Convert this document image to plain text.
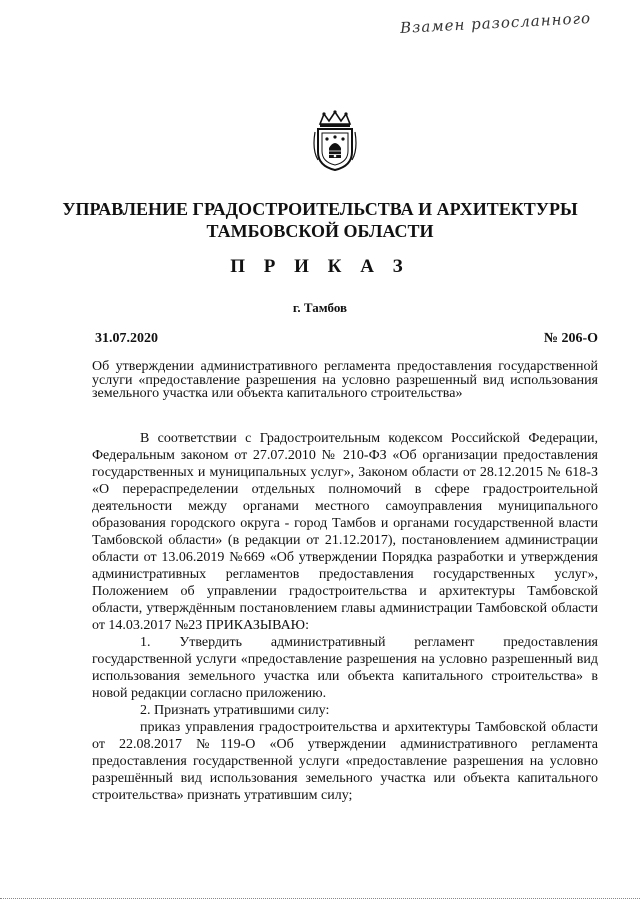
Взамен разосланного
УПРАВЛЕНИЕ ГРАДОСТРОИТЕЛЬСТВА И АРХИТЕКТУРЫ
ТАМБОВСКОЙ ОБЛАСТИ
П Р И К А З
г. Тамбов
31.07.2020	№ 206-О
Об утверждении административного регламента предоставления государственной услуги «предоставление разрешения на условно разрешенный вид использования земельного участка или объекта капитального строительства»

В соответствии с Градостроительным кодексом Российской Федерации, Федеральным законом от 27.07.2010 № 210-ФЗ «Об организации предоставления государственных и муниципальных услуг», Законом области от 28.12.2015 № 618-З «О перераспределении отдельных полномочий в сфере градостроительной деятельности между органами местного самоуправления муниципального образования городского округа - город Тамбов и органами государственной власти Тамбовской области» (в редакции от 21.12.2017), постановлением администрации области от 13.06.2019 №669 «Об утверждении Порядка разработки и утверждения административных регламентов предоставления государственных услуг», Положением об управлении градостроительства и архитектуры Тамбовской области, утверждённым постановлением главы администрации Тамбовской области от 14.03.2017 №23 ПРИКАЗЫВАЮ:

1. Утвердить административный регламент предоставления государственной услуги «предоставление разрешения на условно разрешенный вид использования земельного участка или объекта капитального строительства» в новой редакции согласно приложению.

2. Признать утратившими силу:

приказ управления градостроительства и архитектуры Тамбовской области от 22.08.2017 №119-О «Об утверждении административного регламента предоставления государственной услуги «предоставление разрешения на условно разрешённый вид использования земельного участка или объекта капитального строительства» признать утратившим силу;
